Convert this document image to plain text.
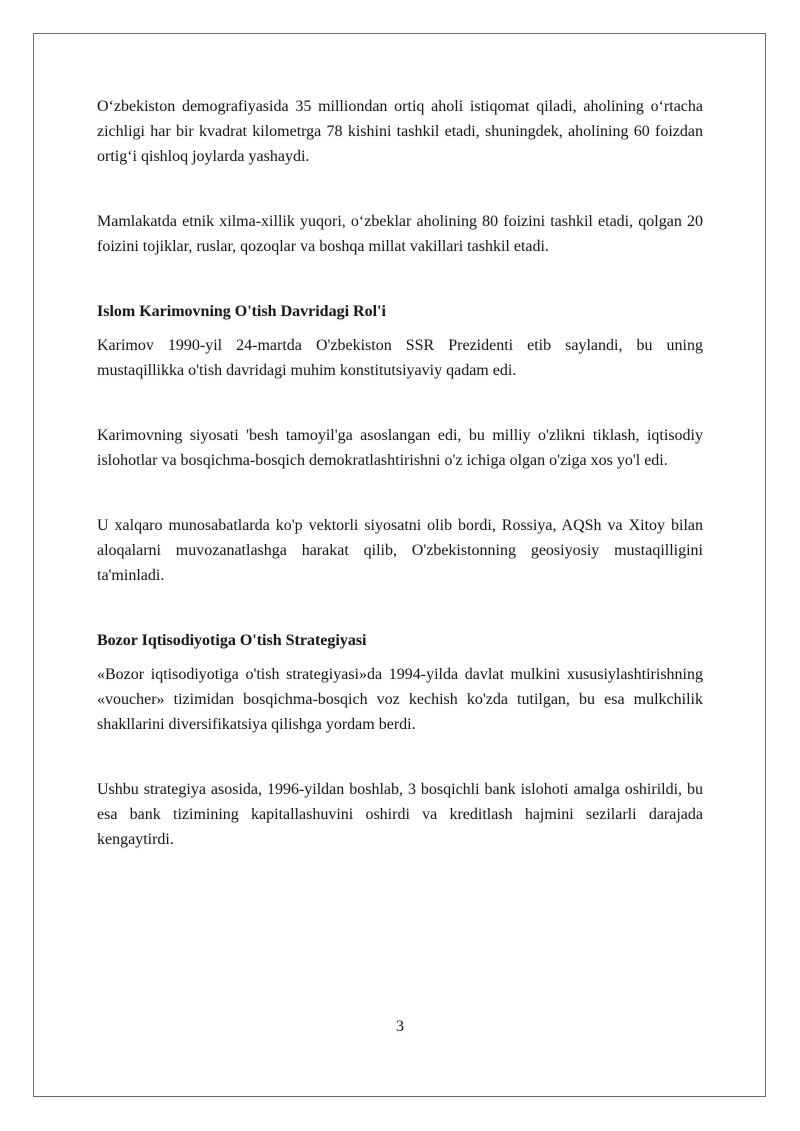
O‘zbekiston demografiyasida 35 milliondan ortiq aholi istiqomat qiladi, aholining o‘rtacha zichligi har bir kvadrat kilometrga 78 kishini tashkil etadi, shuningdek, aholining 60 foizdan ortig‘i qishloq joylarda yashaydi.

Mamlakatda etnik xilma-xillik yuqori, o‘zbeklar aholining 80 foizini tashkil etadi, qolgan 20 foizini tojiklar, ruslar, qozoqlar va boshqa millat vakillari tashkil etadi.

Islom Karimovning O'tish Davridagi Rol'i

Karimov 1990-yil 24-martda O'zbekiston SSR Prezidenti etib saylandi, bu uning mustaqillikka o'tish davridagi muhim konstitutsiyaviy qadam edi.

Karimovning siyosati 'besh tamoyil'ga asoslangan edi, bu milliy o'zlikni tiklash, iqtisodiy islohotlar va bosqichma-bosqich demokratlashtirishni o'z ichiga olgan o'ziga xos yo'l edi.

U xalqaro munosabatlarda ko'p vektorli siyosatni olib bordi, Rossiya, AQSh va Xitoy bilan aloqalarni muvozanatlashga harakat qilib, O'zbekistonning geosiyosiy mustaqilligini ta'minladi.

Bozor Iqtisodiyotiga O'tish Strategiyasi

«Bozor iqtisodiyotiga o'tish strategiyasi»da 1994-yilda davlat mulkini xususiylashtirishning «voucher» tizimidan bosqichma-bosqich voz kechish ko'zda tutilgan, bu esa mulkchilik shakllarini diversifikatsiya qilishga yordam berdi.

Ushbu strategiya asosida, 1996-yildan boshlab, 3 bosqichli bank islohoti amalga oshirildi, bu esa bank tizimining kapitallashuvini oshirdi va kreditlash hajmini sezilarli darajada kengaytirdi.

3
